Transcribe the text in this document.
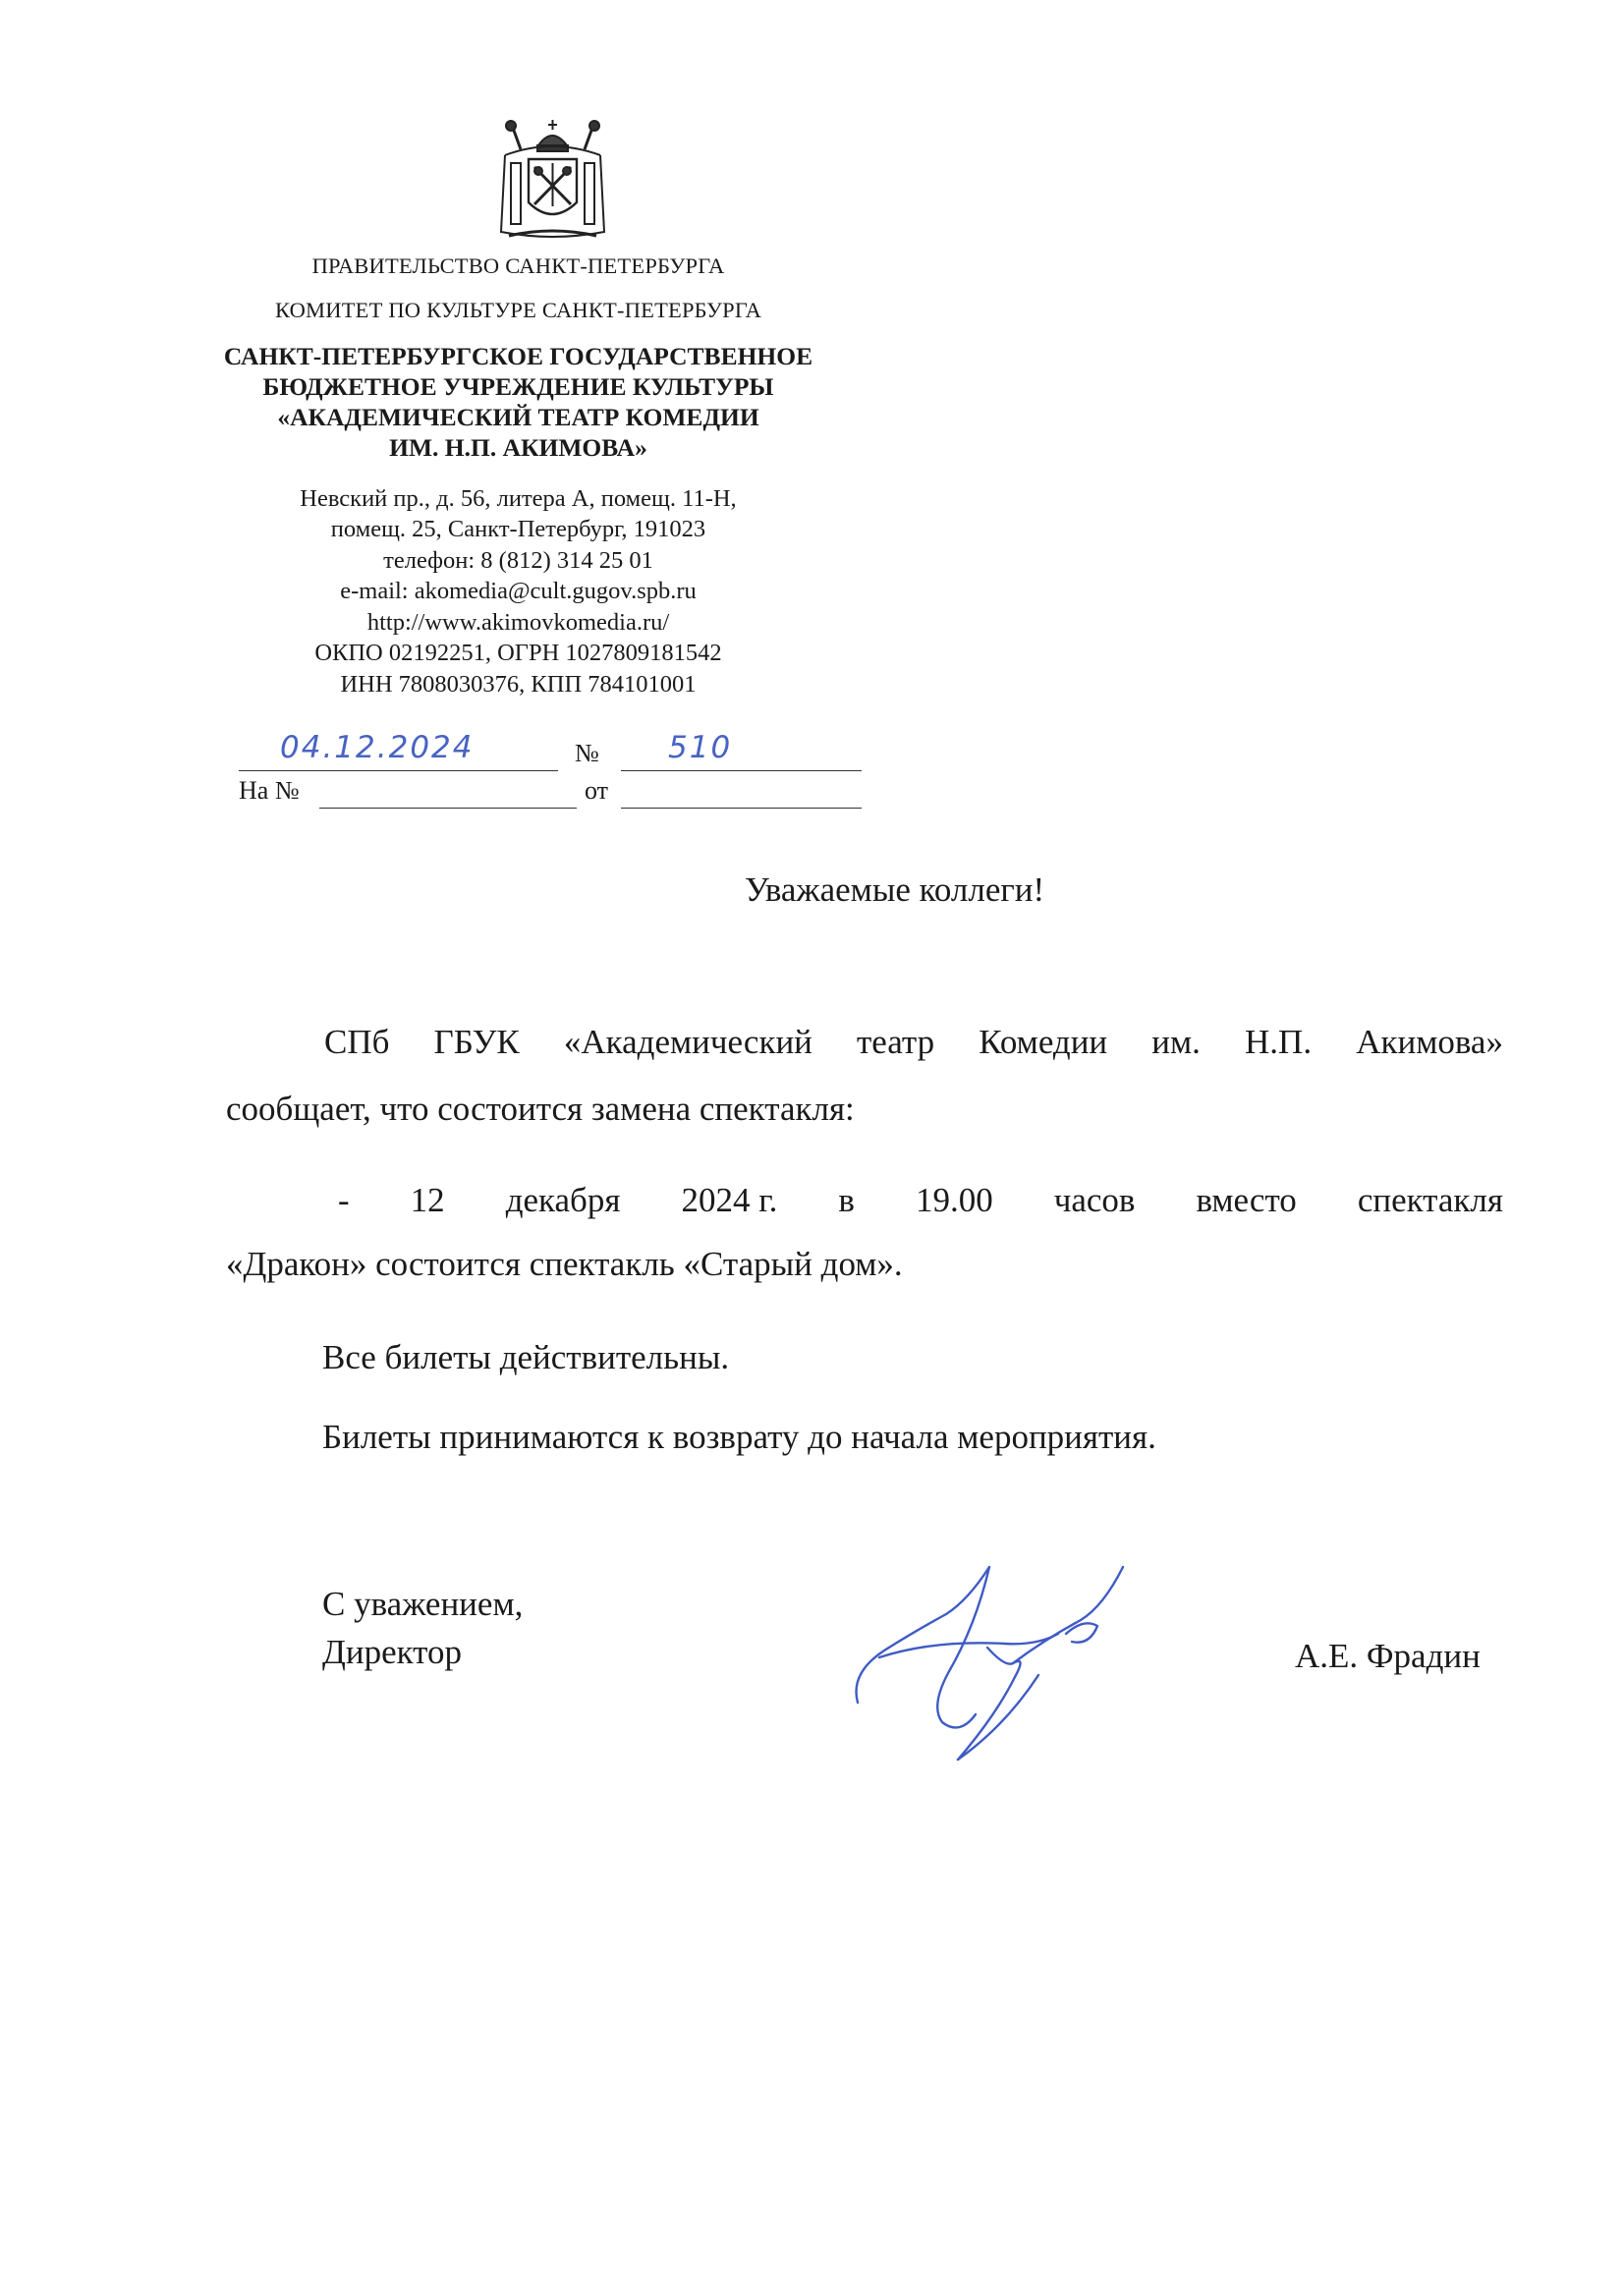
ПРАВИТЕЛЬСТВО САНКТ-ПЕТЕРБУРГА
КОМИТЕТ ПО КУЛЬТУРЕ САНКТ-ПЕТЕРБУРГА
САНКТ-ПЕТЕРБУРГСКОЕ ГОСУДАРСТВЕННОЕ
БЮДЖЕТНОЕ УЧРЕЖДЕНИЕ КУЛЬТУРЫ
«АКАДЕМИЧЕСКИЙ ТЕАТР КОМЕДИИ
ИМ. Н.П. АКИМОВА»
Невский пр., д. 56, литера А, помещ. 11-Н,
помещ. 25, Санкт-Петербург, 191023
телефон: 8 (812) 314 25 01
e-mail: akomedia@cult.gugov.spb.ru
http://www.akimovkomedia.ru/
ОКПО 02192251, ОГРН 1027809181542
ИНН 7808030376, КПП 784101001
04.12.2024	№ 510
На №	от
Уважаемые коллеги!
СПб ГБУК «Академический театр Комедии им. Н.П. Акимова»
сообщает, что состоится замена спектакля:
- 12 декабря 2024 г. в 19.00 часов вместо спектакля
«Дракон» состоится спектакль «Старый дом».
Все билеты действительны.
Билеты принимаются к возврату до начала мероприятия.
С уважением,
Директор	А.Е. Фрадин
